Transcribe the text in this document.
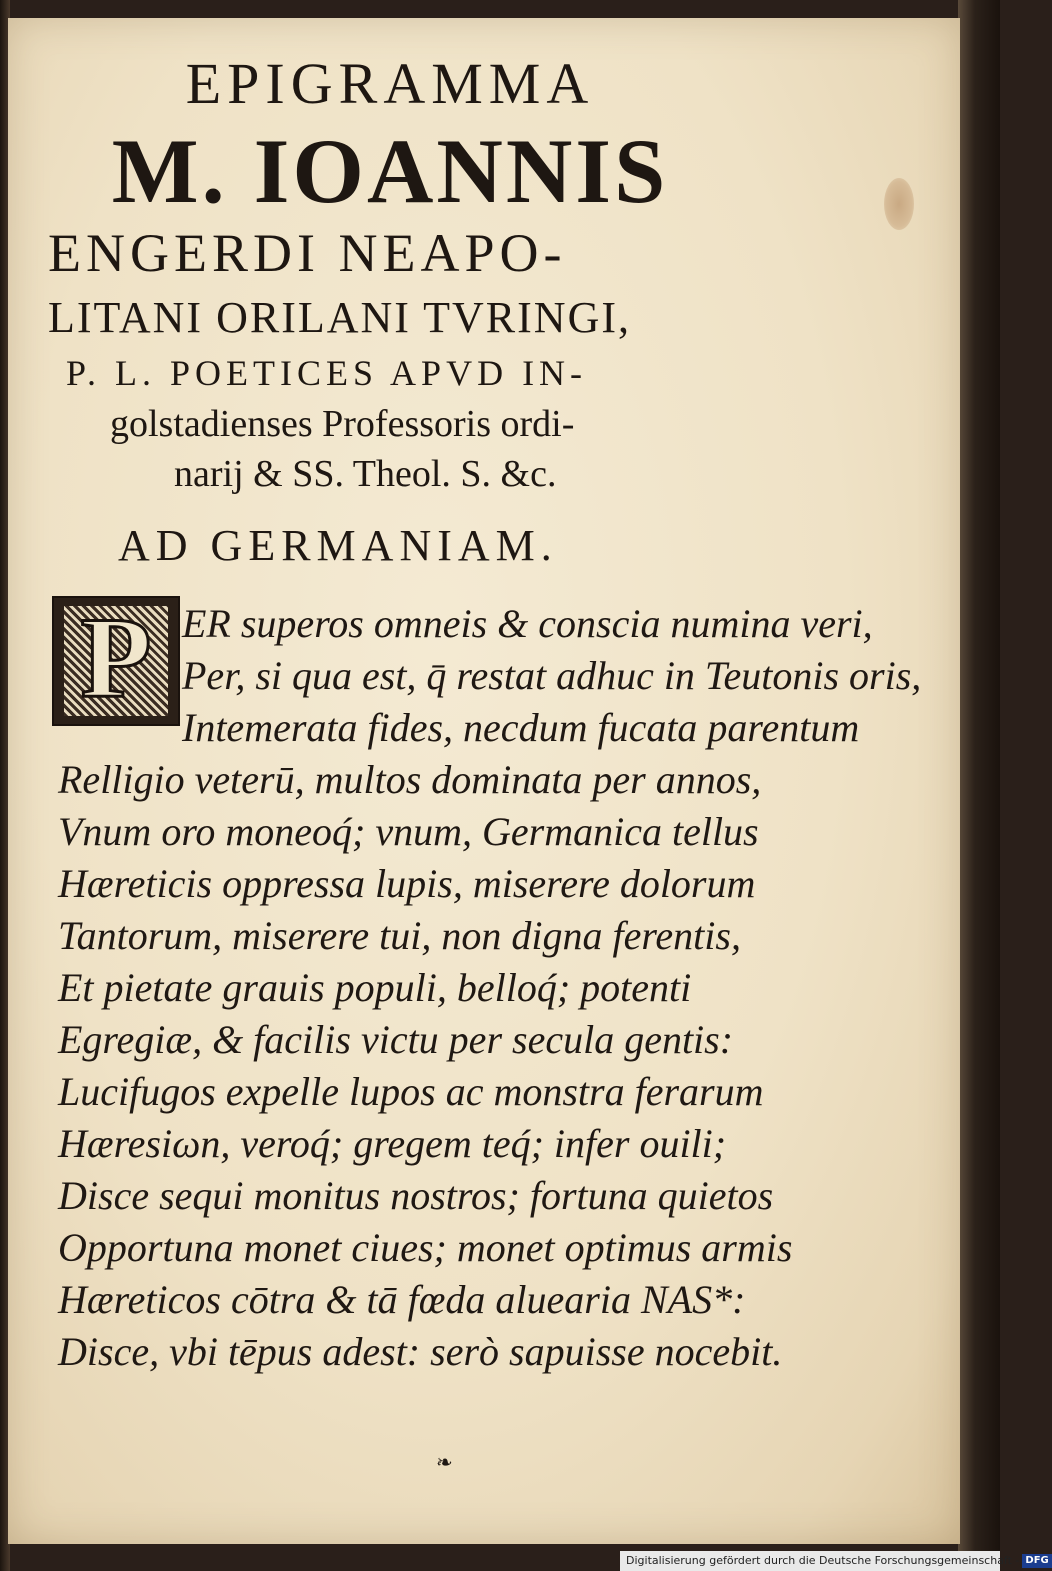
EPIGRAMMA
M. IOANNIS
ENGERDI NEAPO-
LITANI ORILANI TVRINGI,
P. L. POETICES APVD IN-
golstadienses Professoris ordi-
narij & SS. Theol. S. &c.
AD GERMANIAM.
P ER superos omneis & conscia numina veri,
Per, si qua est, q̄ restat adhuc in Teutonis oris,
Intemerata fides, necdum fucata parentum
Relligio veterū, multos dominata per annos,
Vnum oro moneoq́; vnum, Germanica tellus
Hæreticis oppressa lupis, miserere dolorum
Tantorum, miserere tui, non digna ferentis,
Et pietate grauis populi, belloq́; potenti
Egregiæ, & facilis victu per secula gentis:
Lucifugos expelle lupos ac monstra ferarum
Hæresiωn, veroq́; gregem teq́; infer ouili;
Disce sequi monitus nostros; fortuna quietos
Opportuna monet ciues; monet optimus armis
Hæreticos cōtra & tā fœda aluearia NAS*:
Disce, vbi tēpus adest: serò sapuisse nocebit.
❧
Digitalisierung gefördert durch die Deutsche Forschungsgemeinschaft - DFG
